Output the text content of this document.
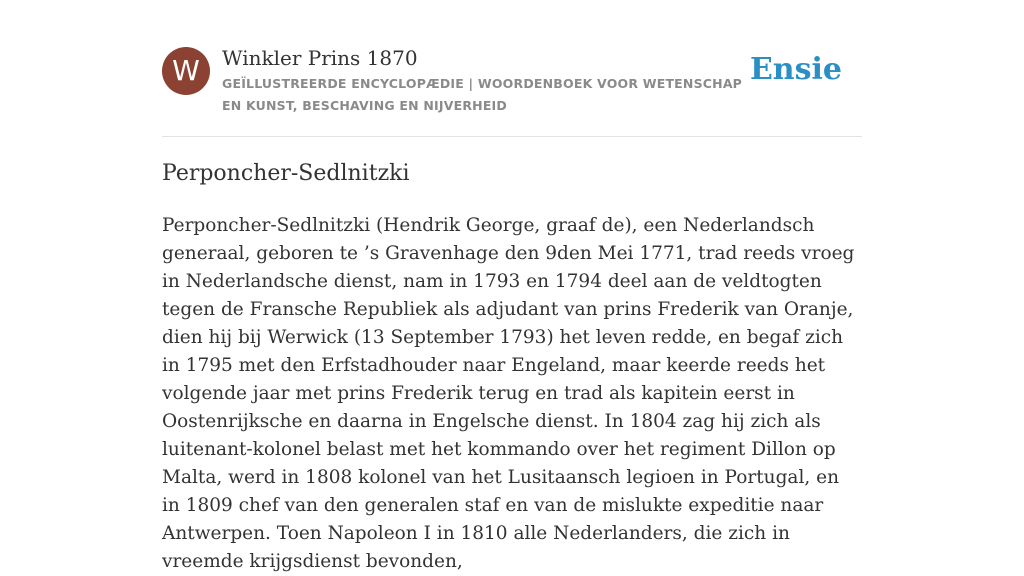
W	Winkler Prins 1870
GEÏLLUSTREERDE ENCYCLOPÆDIE | WOORDENBOEK VOOR WETENSCHAP EN KUNST, BESCHAVING EN NIJVERHEID
Ensie
Perponcher-Sedlnitzki

Perponcher-Sedlnitzki (Hendrik George, graaf de), een Nederlandsch generaal, geboren te ’s Gravenhage den 9den Mei 1771, trad reeds vroeg in Nederlandsche dienst, nam in 1793 en 1794 deel aan de veldtogten tegen de Fransche Republiek als adjudant van prins Frederik van Oranje, dien hij bij Werwick (13 September 1793) het leven redde, en begaf zich in 1795 met den Erfstadhouder naar Engeland, maar keerde reeds het volgende jaar met prins Frederik terug en trad als kapitein eerst in Oostenrijksche en daarna in Engelsche dienst. In 1804 zag hij zich als luitenant-kolonel belast met het kommando over het regiment Dillon op Malta, werd in 1808 kolonel van het Lusitaansch legioen in Portugal, en in 1809 chef van den generalen staf en van de mislukte expeditie naar Antwerpen. Toen Napoleon I in 1810 alle Nederlanders, die zich in vreemde krijgsdienst bevonden,
